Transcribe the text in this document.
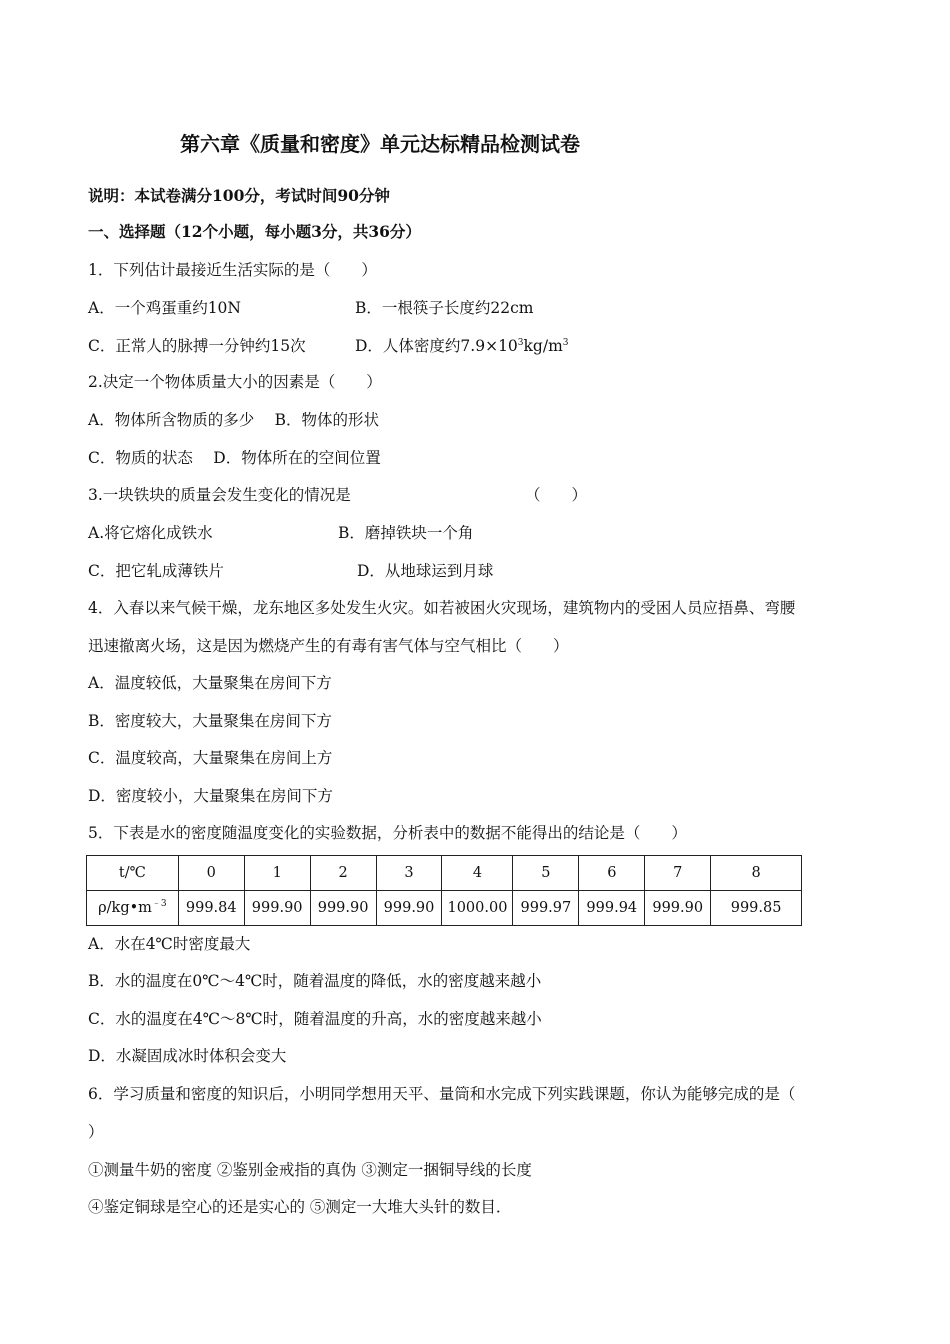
第六章《质量和密度》单元达标精品检测试卷
说明：本试卷满分100分，考试时间90分钟
一、选择题（12个小题，每小题3分，共36分）
1．下列估计最接近生活实际的是（　　）
A．一个鸡蛋重约10N	B．一根筷子长度约22cm
C．正常人的脉搏一分钟约15次	D．人体密度约$7.9\times 10^3kg/m^3$
2.决定一个物体质量大小的因素是（　　）
A．物体所含物质的多少　 B．物体的形状
C．物质的状态　 D．物体所在的空间位置
3.一块铁块的质量会发生变化的情况是	（　　）
A.将它熔化成铁水	B．磨掉铁块一个角
C．把它轧成薄铁片	D．从地球运到月球
4．入春以来气候干燥，龙东地区多处发生火灾。如若被困火灾现场，建筑物内的受困人员应捂鼻、弯腰
迅速撤离火场，这是因为燃烧产生的有毒有害气体与空气相比（　　）
A．温度较低，大量聚集在房间下方
B．密度较大，大量聚集在房间下方
C．温度较高，大量聚集在房间上方
D．密度较小，大量聚集在房间下方
5．下表是水的密度随温度变化的实验数据，分析表中的数据不能得出的结论是（　　）
t/℃	0	1	2	3	4	5	6	7	8
$\rho/kg•m^{﹣3}$	999.84	999.90	999.90	999.90	1000.00	999.97	999.94	999.90	999.85
A．水在4℃时密度最大
B．水的温度在0℃～4℃时，随着温度的降低，水的密度越来越小
C．水的温度在4℃～8℃时，随着温度的升高，水的密度越来越小
D．水凝固成冰时体积会变大
6．学习质量和密度的知识后，小明同学想用天平、量筒和水完成下列实践课题，你认为能够完成的是（
）
①测量牛奶的密度 ②鉴别金戒指的真伪 ③测定一捆铜导线的长度
④鉴定铜球是空心的还是实心的 ⑤测定一大堆大头针的数目．
